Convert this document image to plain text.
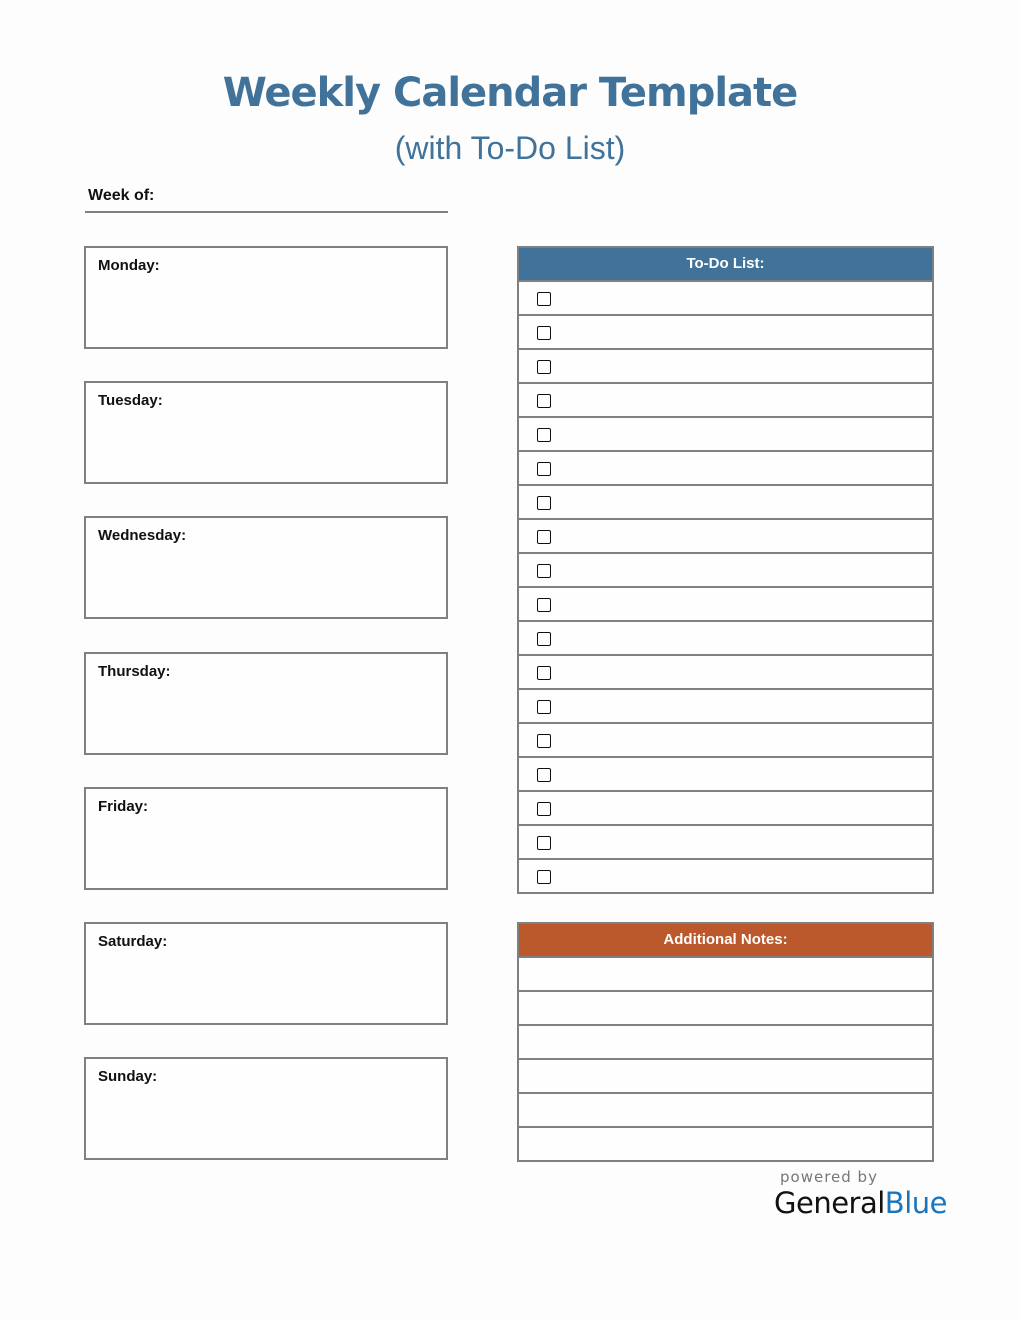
Weekly Calendar Template
(with To-Do List)
Week of:
Monday:
Tuesday:
Wednesday:
Thursday:
Friday:
Saturday:
Sunday:
To-Do List:
Additional Notes:
powered by
GeneralBlue
